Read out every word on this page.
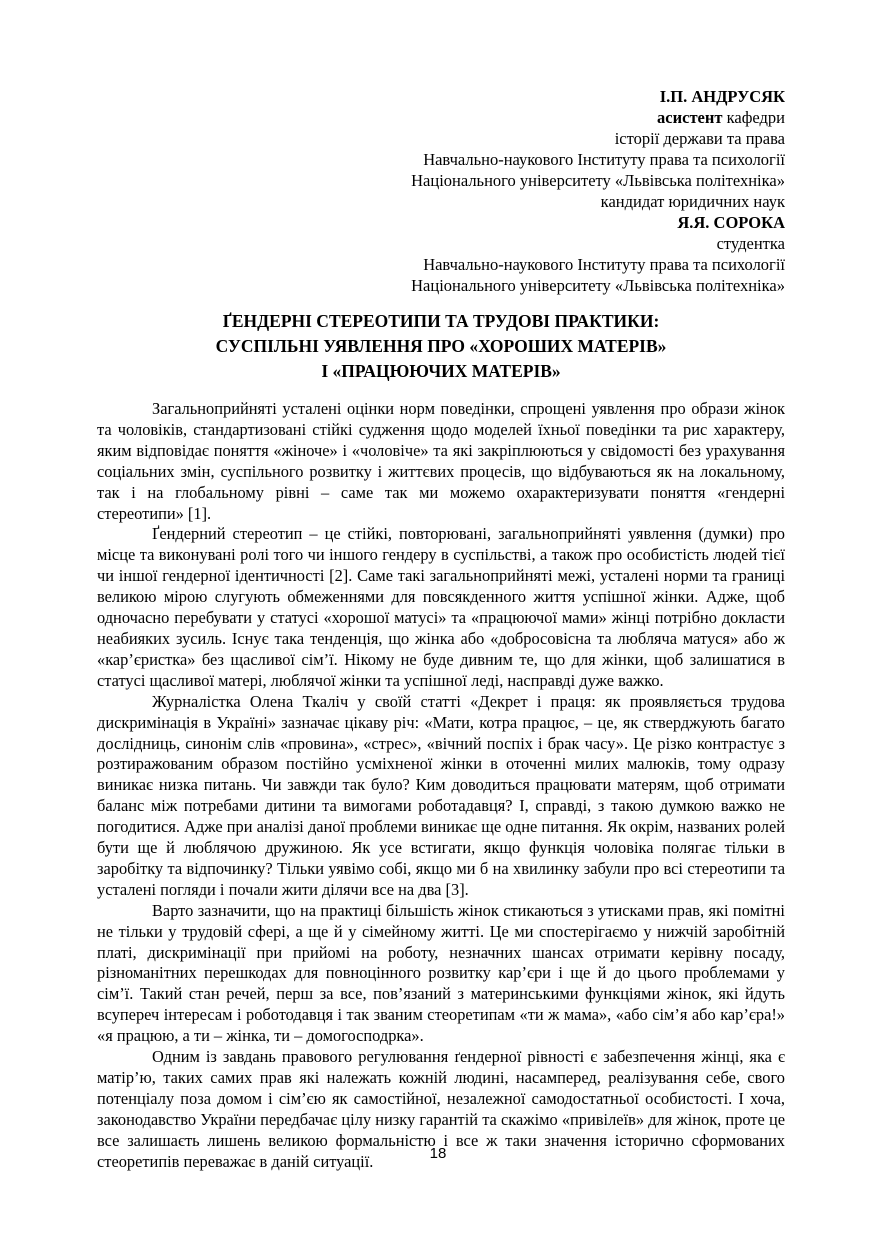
І.П. АНДРУСЯК
асистент кафедри
історії держави та права
Навчально-наукового Інституту права та психології
Національного університету «Львівська політехніка»
кандидат юридичних наук
Я.Я. СОРОКА
студентка
Навчально-наукового Інституту права та психології
Національного університету «Львівська політехніка»
ҐЕНДЕРНІ СТЕРЕОТИПИ ТА ТРУДОВІ ПРАКТИКИ:
СУСПІЛЬНІ УЯВЛЕННЯ ПРО «ХОРОШИХ МАТЕРІВ»
І «ПРАЦЮЮЧИХ МАТЕРІВ»

Загальноприйняті усталені оцінки норм поведінки, спрощені уявлення про образи жінок та чоловіків, стандартизовані стійкі судження щодо моделей їхньої поведінки та рис характеру, яким відповідає поняття «жіноче» і «чоловіче» та які закріплюються у свідомості без урахування соціальних змін, суспільного розвитку і життєвих процесів, що відбуваються як на локальному, так і на глобальному рівні – саме так ми можемо охарактеризувати поняття «гендерні стереотипи» [1].

Ґендерний стереотип – це стійкі, повторювані, загальноприйняті уявлення (думки) про місце та виконувані ролі того чи іншого гендеру в суспільстві, а також про особистість людей тієї чи іншої гендерної ідентичності [2]. Саме такі загальноприйняті межі, усталені норми та границі великою мірою слугують обмеженнями для повсякденного життя успішної жінки. Адже, щоб одночасно перебувати у статусі «хорошої матусі» та «працюючої мами» жінці потрібно докласти неабияких зусиль. Існує така тенденція, що жінка або «добросовісна та любляча матуся» або ж «кар’єристка» без щасливої сім’ї. Нікому не буде дивним те, що для жінки, щоб залишатися в статусі щасливої матері, люблячої жінки та успішної леді, насправді дуже важко.

Журналістка Олена Ткаліч у своїй статті «Декрет і праця: як проявляється трудова дискримінація в Україні» зазначає цікаву річ: «Мати, котра працює, – це, як стверджують багато дослідниць, синонім слів «провина», «стрес», «вічний поспіх і брак часу». Це різко контрастує з розтиражованим образом постійно усміхненої жінки в оточенні милих малюків, тому одразу виникає низка питань. Чи завжди так було? Ким доводиться працювати матерям, щоб отримати баланс між потребами дитини та вимогами роботадавця? І, справді, з такою думкою важко не погодитися. Адже при аналізі даної проблеми виникає ще одне питання. Як окрім, названих ролей бути ще й люблячою дружиною. Як усе встигати, якщо функція чоловіка полягає тільки в заробітку та відпочинку? Тільки уявімо собі, якщо ми б на хвилинку забули про всі стереотипи та усталені погляди і почали жити ділячи все на два [3].

Варто зазначити, що на практиці більшість жінок стикаються з утисками прав, які помітні не тільки у трудовій сфері, а ще й у сімейному житті. Це ми спостерігаємо у нижчій заробітній платі, дискримінації при прийомі на роботу, незначних шансах отримати керівну посаду, різноманітних перешкодах для повноцінного розвитку кар’єри і ще й до цього проблемами у сім’ї. Такий стан речей, перш за все, пов’язаний з материнськими функціями жінок, які йдуть всупереч інтересам і роботодавця і так званим стеоретипам «ти ж мама», «або сім’я або кар’єра!» «я працюю, а ти – жінка, ти – домогосподрка».

Одним із завдань правового регулювання ґендерної рівності є забезпечення жінці, яка є матір’ю, таких самих прав які належать кожній людині, насамперед, реалізування себе, свого потенціалу поза домом і сім’єю як самостійної, незалежної самодостатньої особистості. І хоча, законодавство України передбачає цілу низку гарантій та скажімо «привілеїв» для жінок, проте це все залишаєть лишень великою формальністю і все ж таки значення історично сформованих стеоретипів переважає в даній ситуації.	18
